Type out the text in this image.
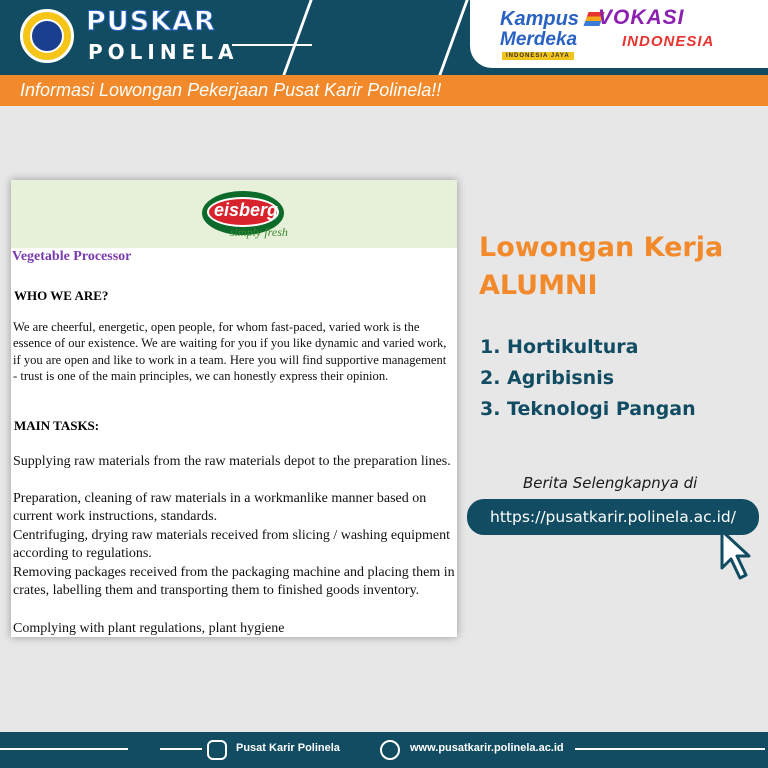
PUSKAR
POLINELA
Kampus
Merdeka
INDONESIA JAYA
VOKASI
INDONESIA
Informasi Lowongan Pekerjaan Pusat Karir Polinela!!
eisberg
simply fresh
Vegetable Processor
WHO WE ARE?
We are cheerful, energetic, open people, for whom fast-paced, varied work is the essence of our existence. We are waiting for you if you like dynamic and varied work, if you are open and like to work in a team. Here you will find supportive management - trust is one of the main principles, we can honestly express their opinion.
MAIN TASKS:
Supplying raw materials from the raw materials depot to the preparation lines.
Preparation, cleaning of raw materials in a workmanlike manner based on current work instructions, standards.
Centrifuging, drying raw materials received from slicing / washing equipment according to regulations.
Removing packages received from the packaging machine and placing them in crates, labelling them and transporting them to finished goods inventory.
Complying with plant regulations, plant hygiene
Lowongan Kerja
ALUMNI
1. Hortikultura
2. Agribisnis
3. Teknologi Pangan
Berita Selengkapnya di
https://pusatkarir.polinela.ac.id/
Pusat Karir Polinela	www.pusatkarir.polinela.ac.id
